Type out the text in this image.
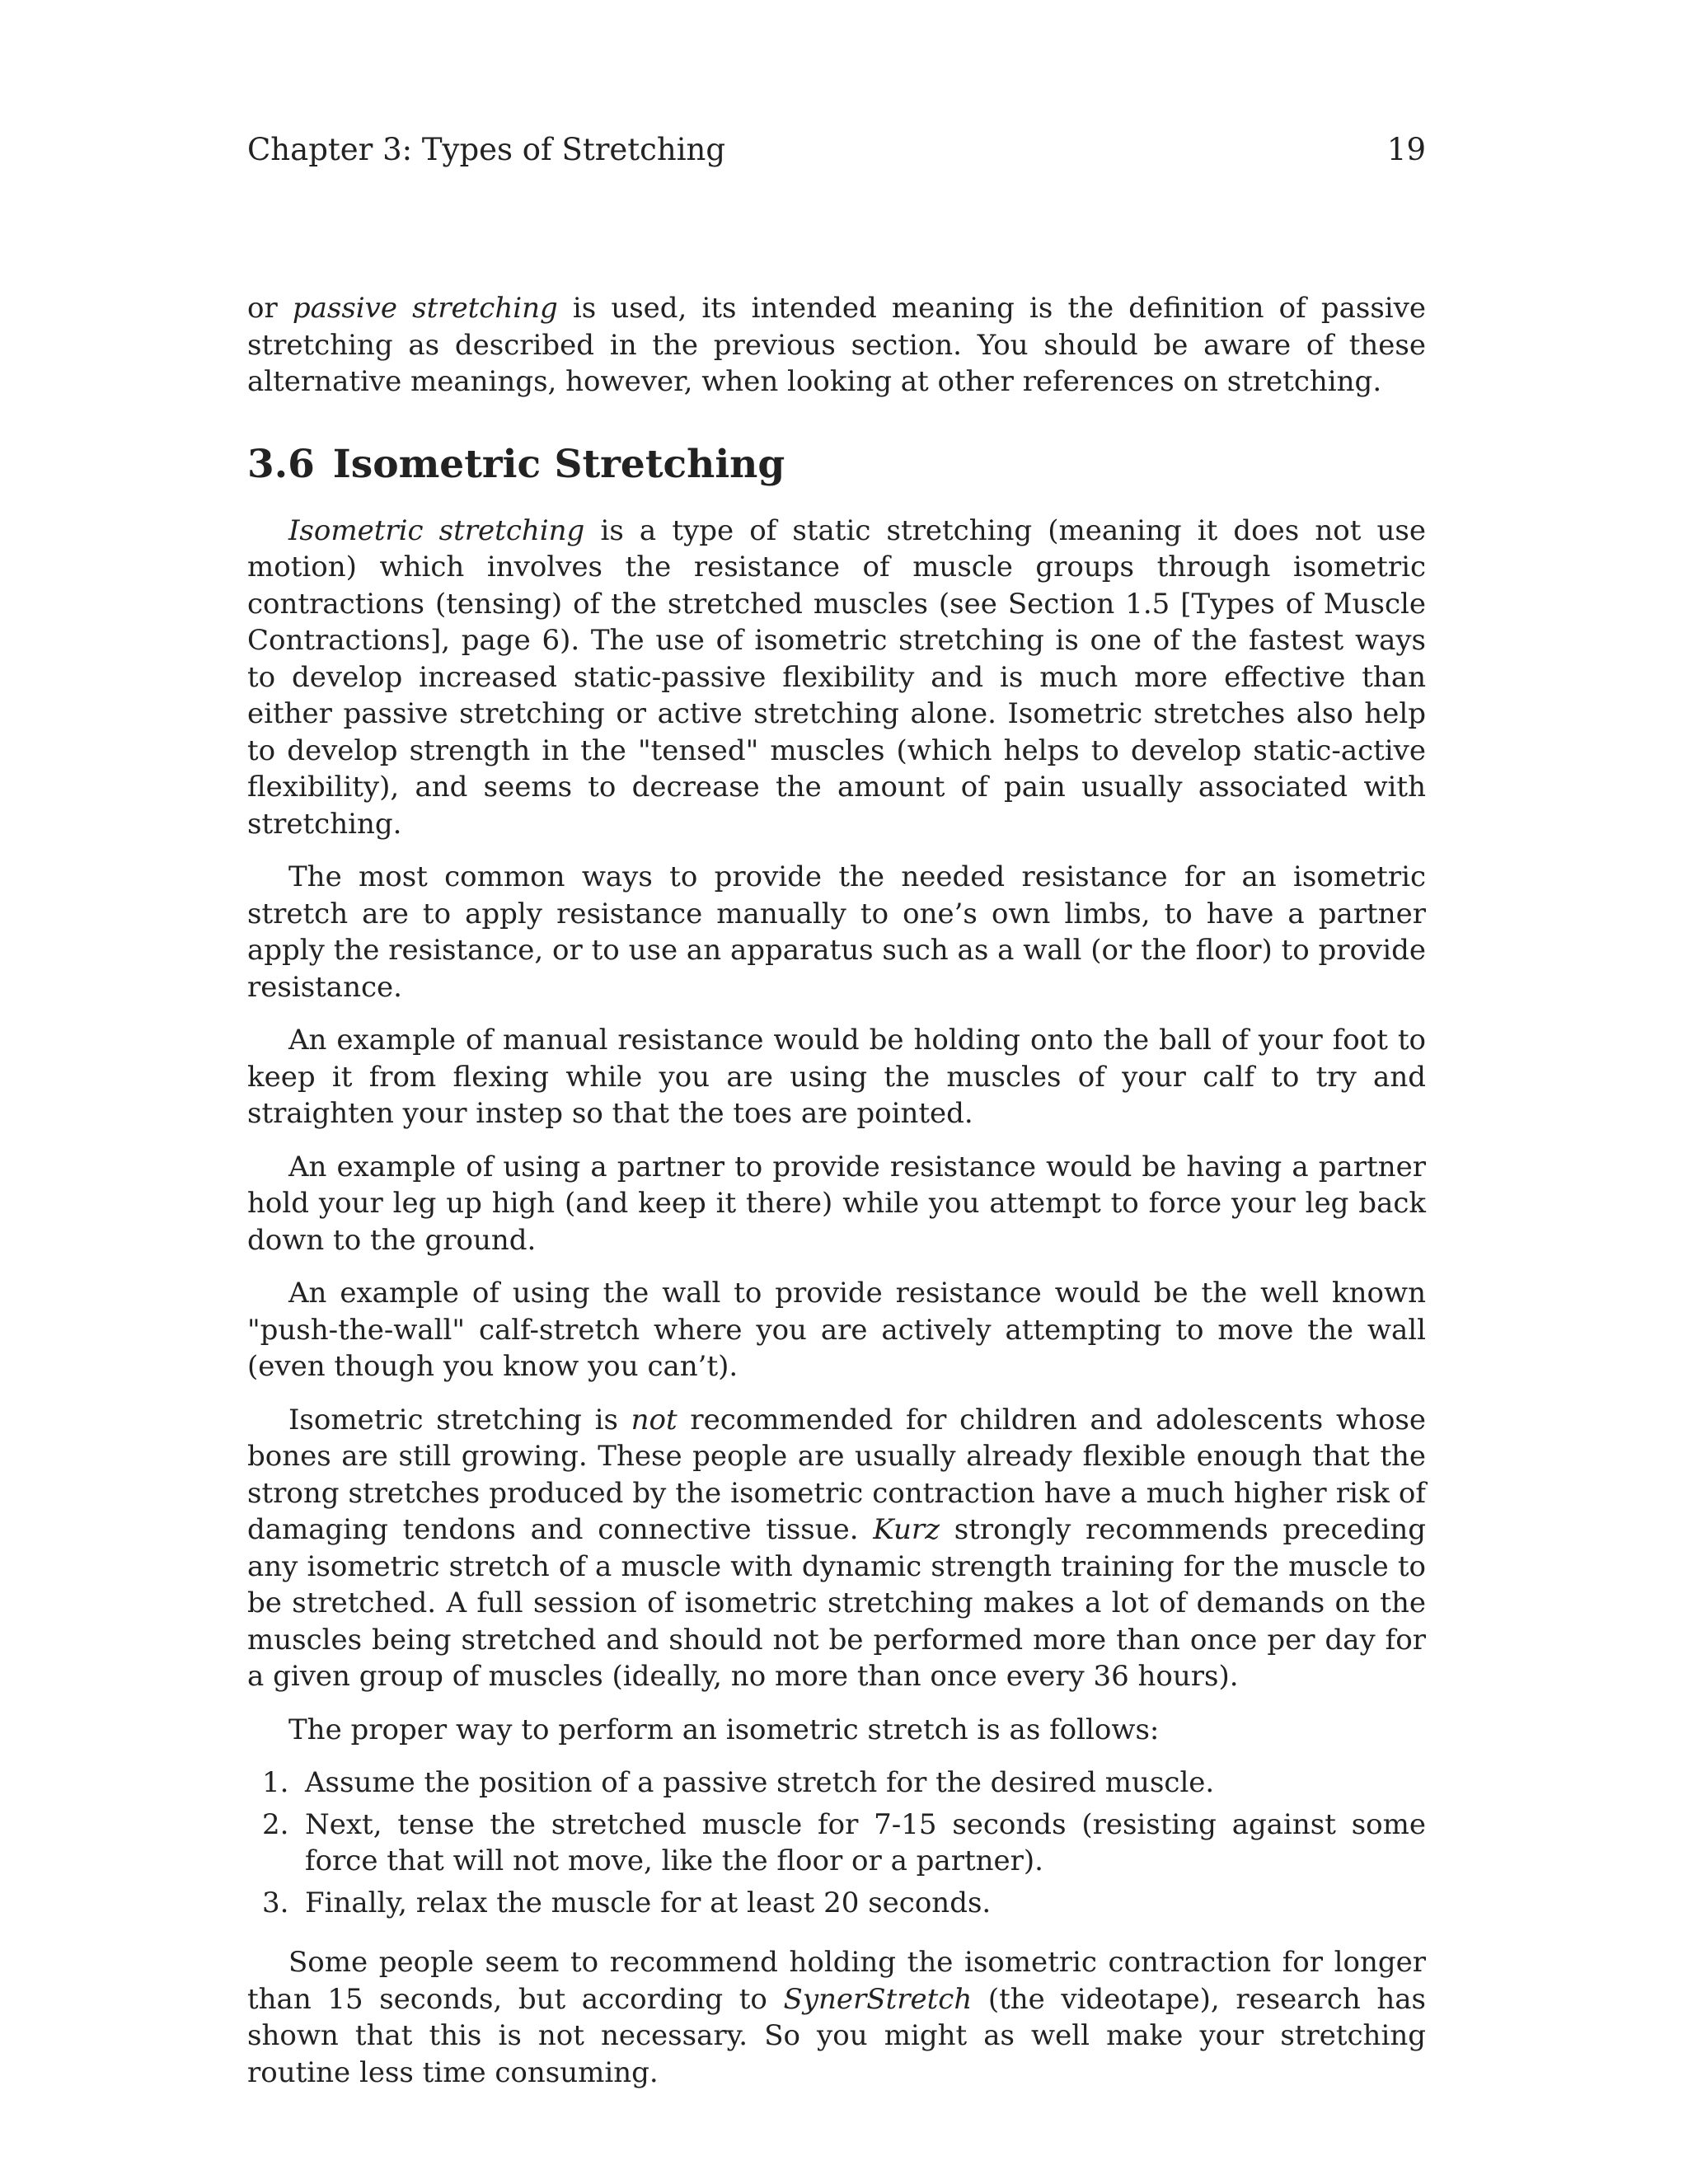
Chapter 3: Types of Stretching	19

or passive stretching is used, its intended meaning is the definition of passive stretching as described in the previous section. You should be aware of these alternative meanings, however, when looking at other references on stretching.

3.6 Isometric Stretching

Isometric stretching is a type of static stretching (meaning it does not use motion) which involves the resistance of muscle groups through isometric contractions (tensing) of the stretched muscles (see Section 1.5 [Types of Muscle Contractions], page 6). The use of isometric stretching is one of the fastest ways to develop increased static-passive flexibility and is much more effective than either passive stretching or active stretching alone. Isometric stretches also help to develop strength in the "tensed" muscles (which helps to develop static-active flexibility), and seems to decrease the amount of pain usually associated with stretching.

The most common ways to provide the needed resistance for an isometric stretch are to apply resistance manually to one’s own limbs, to have a partner apply the resistance, or to use an apparatus such as a wall (or the floor) to provide resistance.

An example of manual resistance would be holding onto the ball of your foot to keep it from flexing while you are using the muscles of your calf to try and straighten your instep so that the toes are pointed.

An example of using a partner to provide resistance would be having a partner hold your leg up high (and keep it there) while you attempt to force your leg back down to the ground.

An example of using the wall to provide resistance would be the well known "push-the-wall" calf-stretch where you are actively attempting to move the wall (even though you know you can’t).

Isometric stretching is not recommended for children and adolescents whose bones are still growing. These people are usually already flexible enough that the strong stretches produced by the isometric contraction have a much higher risk of damaging tendons and connective tissue. Kurz strongly recommends preceding any isometric stretch of a muscle with dynamic strength training for the muscle to be stretched. A full session of isometric stretching makes a lot of demands on the muscles being stretched and should not be performed more than once per day for a given group of muscles (ideally, no more than once every 36 hours).

The proper way to perform an isometric stretch is as follows:

1. Assume the position of a passive stretch for the desired muscle.
2. Next, tense the stretched muscle for 7-15 seconds (resisting against some force that will not move, like the floor or a partner).
3. Finally, relax the muscle for at least 20 seconds.

Some people seem to recommend holding the isometric contraction for longer than 15 seconds, but according to SynerStretch (the videotape), research has shown that this is not necessary. So you might as well make your stretching routine less time consuming.
